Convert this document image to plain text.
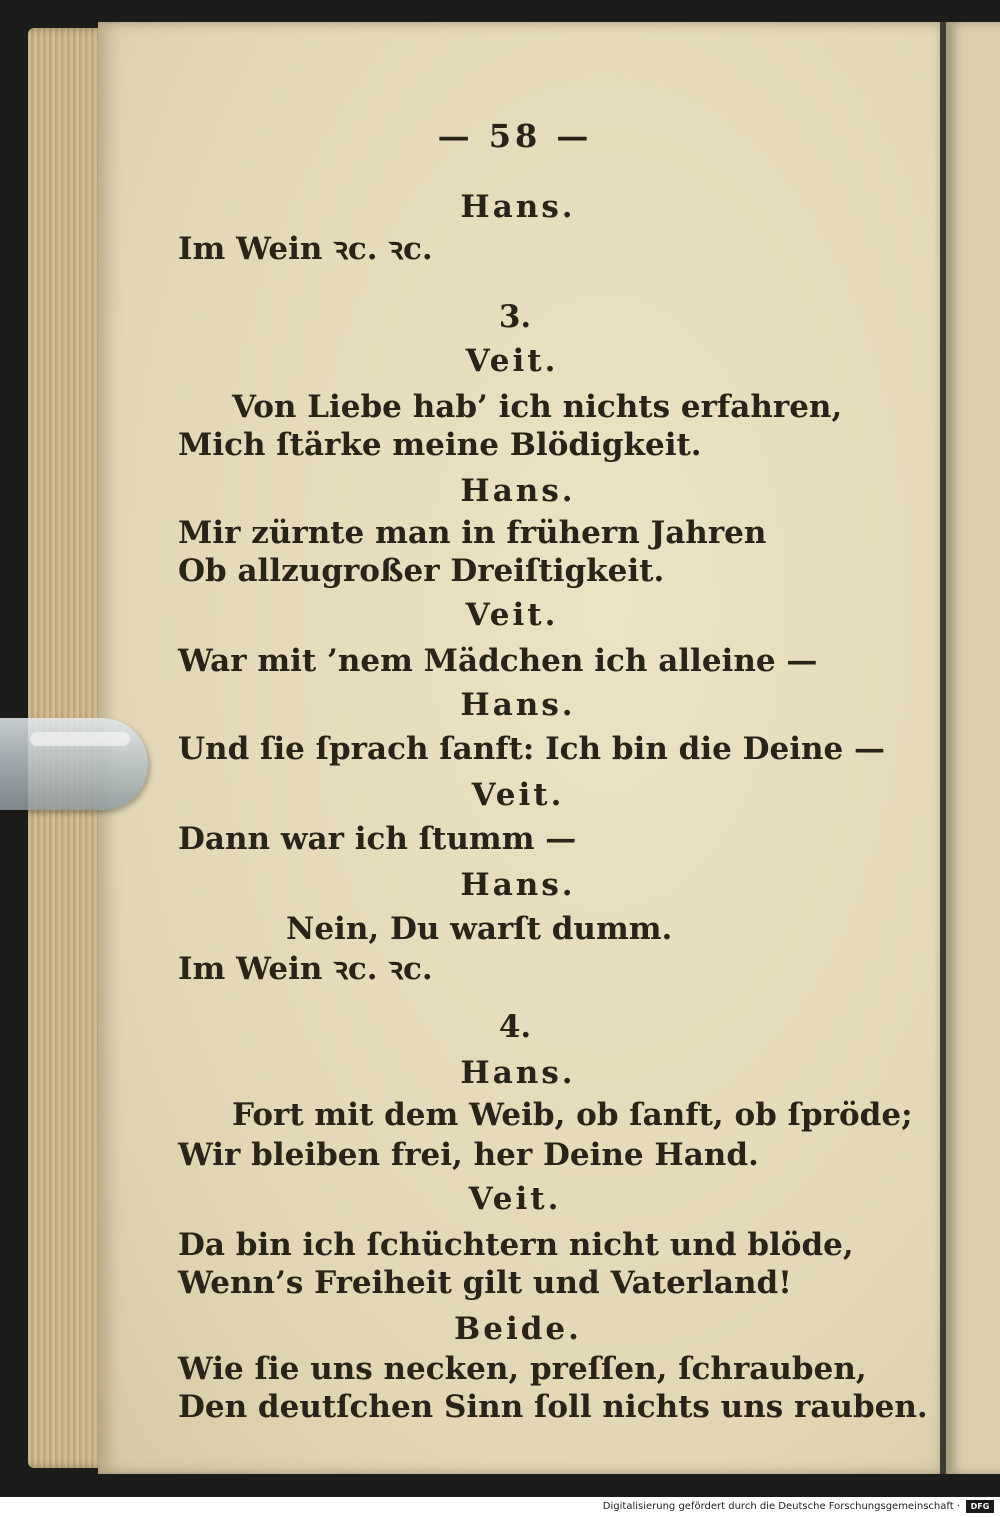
— 58 —

Hans.

Im Wein ꝛc. ꝛc.

3.

Veit.

Von Liebe hab’ ich nichts erfahren,

Mich ſtärke meine Blödigkeit.

Hans.

Mir zürnte man in frühern Jahren

Ob allzugroßer Dreiſtigkeit.

Veit.

War mit ’nem Mädchen ich alleine —

Hans.

Und ſie ſprach ſanft: Ich bin die Deine —

Veit.

Dann war ich ſtumm —

Hans.

Nein, Du warſt dumm.

Im Wein ꝛc. ꝛc.

4.

Hans.

Fort mit dem Weib, ob ſanft, ob ſpröde;

Wir bleiben frei, her Deine Hand.

Veit.

Da bin ich ſchüchtern nicht und blöde,

Wenn’s Freiheit gilt und Vaterland!

Beide.

Wie ſie uns necken, preſſen, ſchrauben,

Den deutſchen Sinn ſoll nichts uns rauben.

Digitalisierung gefördert durch die Deutsche Forschungsgemeinschaft ·	DFG
